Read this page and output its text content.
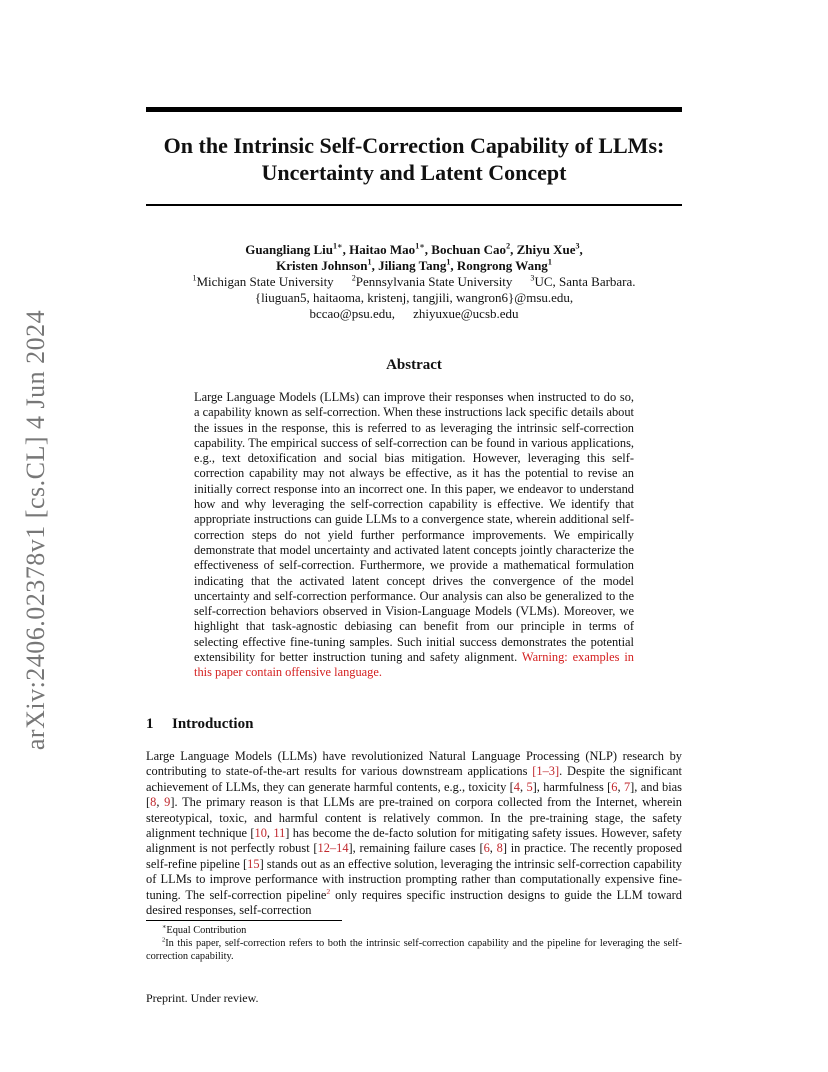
On the Intrinsic Self-Correction Capability of LLMs:
Uncertainty and Latent Concept
Guangliang Liu$^{1∗}$, Haitao Mao$^{1∗}$, Bochuan Cao$^2$, Zhiyu Xue$^3$,
Kristen Johnson$^1$, Jiliang Tang$^1$, Rongrong Wang$^1$
$^1$Michigan State University $^2$Pennsylvania State University $^3$UC, Santa Barbara.
{liuguan5, haitaoma, kristenj, tangjili, wangron6}@msu.edu,
bccao@psu.edu, zhiyuxue@ucsb.edu
arXiv:2406.02378v1 [cs.CL] 4 Jun 2024	Abstract
Large Language Models (LLMs) can improve their responses when instructed to do so, a capability known as self-correction. When these instructions lack specific details about the issues in the response, this is referred to as leveraging the intrinsic self-correction capability. The empirical success of self-correction can be found in various applications, e.g., text detoxification and social bias mitigation. However, leveraging this self-correction capability may not always be effective, as it has the potential to revise an initially correct response into an incorrect one. In this paper, we endeavor to understand how and why leveraging the self-correction capability is effective. We identify that appropriate instructions can guide LLMs to a convergence state, wherein additional self-correction steps do not yield further performance improvements. We empirically demonstrate that model uncertainty and activated latent concepts jointly characterize the effectiveness of self-correction. Furthermore, we provide a mathematical formulation indicating that the activated latent concept drives the convergence of the model uncertainty and self-correction performance. Our analysis can also be generalized to the self-correction behaviors observed in Vision-Language Models (VLMs). Moreover, we highlight that task-agnostic debiasing can benefit from our principle in terms of selecting effective fine-tuning samples. Such initial success demonstrates the potential extensibility for better instruction tuning and safety alignment. Warning: examples in this paper contain offensive language.
1 Introduction
Large Language Models (LLMs) have revolutionized Natural Language Processing (NLP) research by contributing to state-of-the-art results for various downstream applications [1–3]. Despite the significant achievement of LLMs, they can generate harmful contents, e.g., toxicity [4, 5], harmfulness [6, 7], and bias [8, 9]. The primary reason is that LLMs are pre-trained on corpora collected from the Internet, wherein stereotypical, toxic, and harmful content is relatively common. In the pre-training stage, the safety alignment technique [10, 11] has become the de-facto solution for mitigating safety issues. However, safety alignment is not perfectly robust [12–14], remaining failure cases [6, 8] in practice. The recently proposed self-refine pipeline [15] stands out as an effective solution, leveraging the intrinsic self-correction capability of LLMs to improve performance with instruction prompting rather than computationally expensive fine-tuning. The self-correction pipeline$^2$ only requires specific instruction designs to guide the LLM toward desired responses, self-correction
∗Equal Contribution
$^2$In this paper, self-correction refers to both the intrinsic self-correction capability and the pipeline for leveraging the self-correction capability.
Preprint. Under review.
